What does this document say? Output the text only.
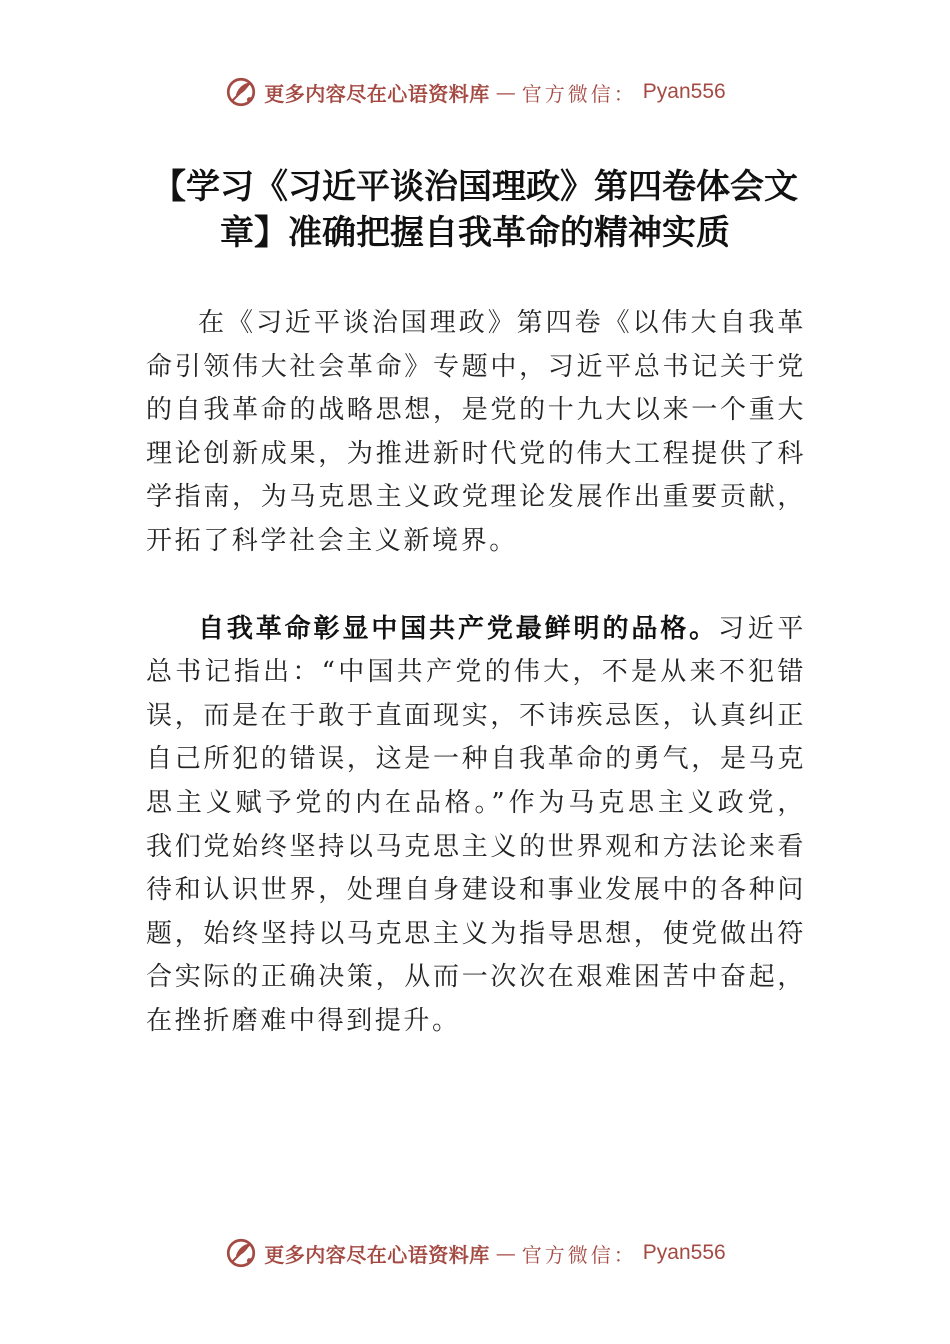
更多内容尽在心语资料库 — 官方微信： Pyan556
【学习《习近平谈治国理政》第四卷体会文章】准确把握自我革命的精神实质

在《习近平谈治国理政》第四卷《以伟大自我革命引领伟大社会革命》专题中，习近平总书记关于党的自我革命的战略思想，是党的十九大以来一个重大理论创新成果，为推进新时代党的伟大工程提供了科学指南，为马克思主义政党理论发展作出重要贡献，开拓了科学社会主义新境界。

自我革命彰显中国共产党最鲜明的品格。习近平总书记指出：“中国共产党的伟大，不是从来不犯错误，而是在于敢于直面现实，不讳疾忌医，认真纠正自己所犯的错误，这是一种自我革命的勇气，是马克思主义赋予党的内在品格。”作为马克思主义政党，我们党始终坚持以马克思主义的世界观和方法论来看待和认识世界，处理自身建设和事业发展中的各种问题，始终坚持以马克思主义为指导思想，使党做出符合实际的正确决策，从而一次次在艰难困苦中奋起，在挫折磨难中得到提升。

更多内容尽在心语资料库 — 官方微信： Pyan556
